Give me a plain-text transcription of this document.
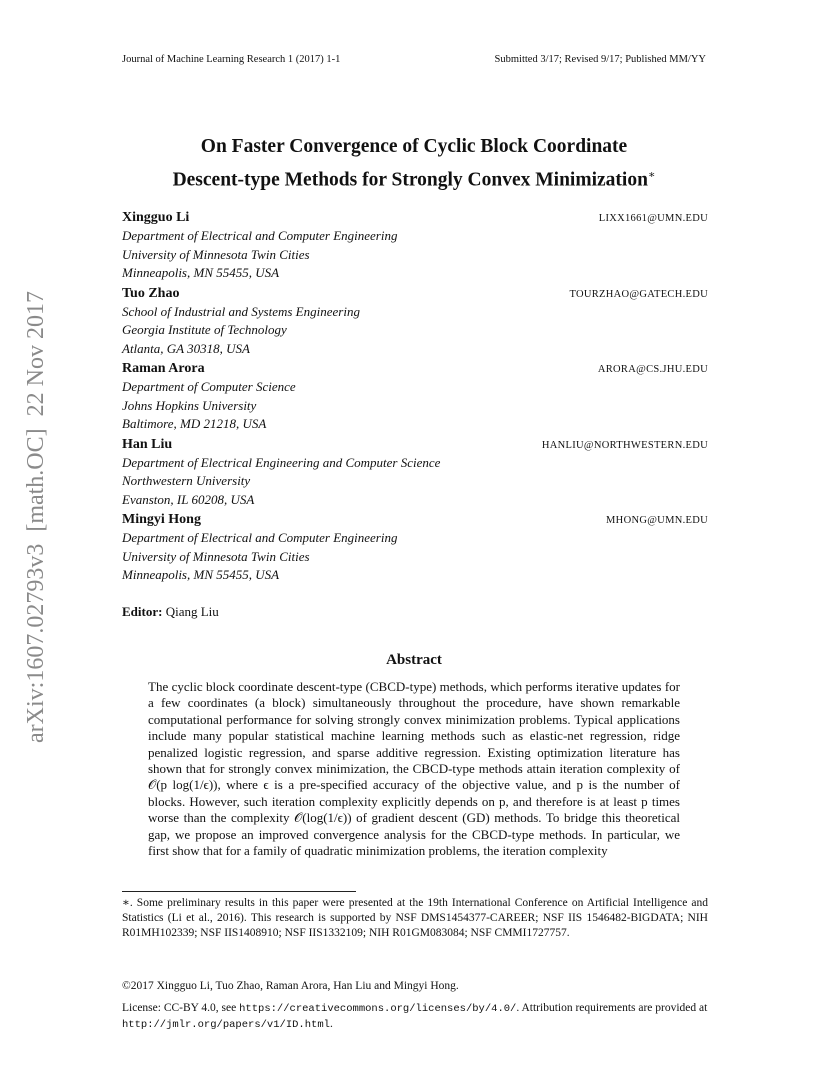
Journal of Machine Learning Research 1 (2017) 1-1	Submitted 3/17; Revised 9/17; Published MM/YY
On Faster Convergence of Cyclic Block Coordinate
Descent-type Methods for Strongly Convex Minimization∗
Xingguo Li	LIXX1661@UMN.EDU
Department of Electrical and Computer Engineering
University of Minnesota Twin Cities
Minneapolis, MN 55455, USA
Tuo Zhao	TOURZHAO@GATECH.EDU
School of Industrial and Systems Engineering
Georgia Institute of Technology
Atlanta, GA 30318, USA
Raman Arora	ARORA@CS.JHU.EDU
Department of Computer Science
Johns Hopkins University
Baltimore, MD 21218, USA
Han Liu	HANLIU@NORTHWESTERN.EDU
Department of Electrical Engineering and Computer Science
Northwestern University
Evanston, IL 60208, USA
Mingyi Hong	MHONG@UMN.EDU
Department of Electrical and Computer Engineering
University of Minnesota Twin Cities
Minneapolis, MN 55455, USA
Editor: Qiang Liu
Abstract
The cyclic block coordinate descent-type (CBCD-type) methods, which performs iterative updates for a few coordinates (a block) simultaneously throughout the procedure, have shown remarkable computational performance for solving strongly convex minimization problems. Typical applications include many popular statistical machine learning methods such as elastic-net regression, ridge penalized logistic regression, and sparse additive regression. Existing optimization literature has shown that for strongly convex minimization, the CBCD-type methods attain iteration complexity of 𝒪(p log(1/ϵ)), where ϵ is a pre-specified accuracy of the objective value, and p is the number of blocks. However, such iteration complexity explicitly depends on p, and therefore is at least p times worse than the complexity 𝒪(log(1/ϵ)) of gradient descent (GD) methods. To bridge this theoretical gap, we propose an improved convergence analysis for the CBCD-type methods. In particular, we first show that for a family of quadratic minimization problems, the iteration complexity
∗. Some preliminary results in this paper were presented at the 19th International Conference on Artificial Intelligence and Statistics (Li et al., 2016). This research is supported by NSF DMS1454377-CAREER; NSF IIS 1546482-BIGDATA; NIH R01MH102339; NSF IIS1408910; NSF IIS1332109; NIH R01GM083084; NSF CMMI1727757.
©2017 Xingguo Li, Tuo Zhao, Raman Arora, Han Liu and Mingyi Hong.
License: CC-BY 4.0, see https://creativecommons.org/licenses/by/4.0/. Attribution requirements are provided at http://jmlr.org/papers/v1/ID.html.
arXiv:1607.02793v3  [math.OC]  22 Nov 2017
